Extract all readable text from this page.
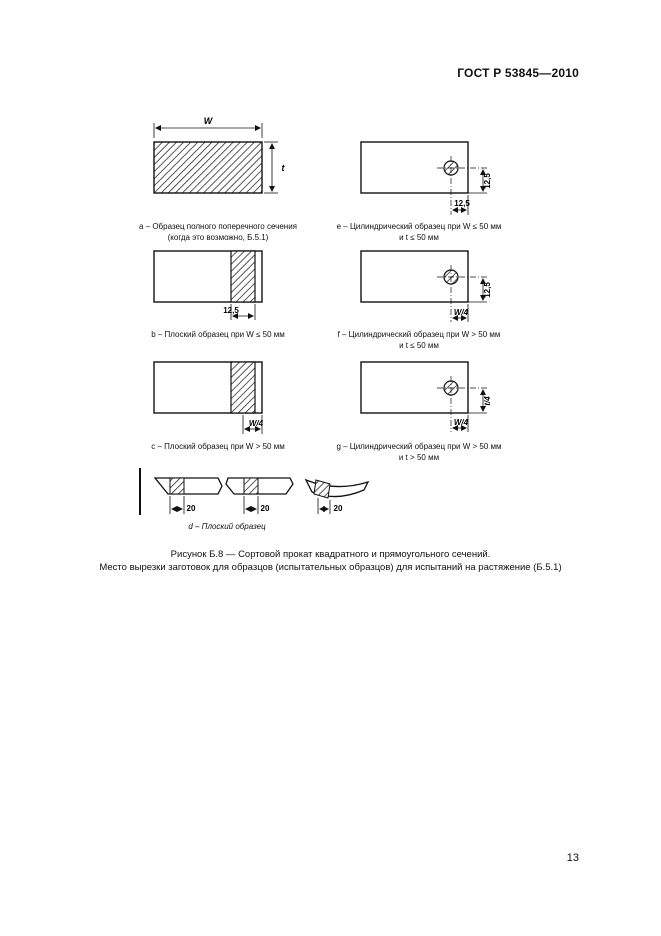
ГОСТ Р 53845—2010
W
t
12,5
12,5
12,5
12,5
W/4
W/4
t/4
W/4
20	20	20
a – Образец полного поперечного сечения
(когда это возможно, Б.5.1)
e – Цилиндрический образец при W ≤ 50 мм
и t ≤ 50 мм
b – Плоский образец при W ≤ 50 мм	f – Цилиндрический образец при W > 50 мм
и t ≤ 50 мм
c – Плоский образец при W > 50 мм	g – Цилиндрический образец при W > 50 мм
и t > 50 мм
d – Плоский образец
Рисунок Б.8 — Сортовой прокат квадратного и прямоугольного сечений.
Место вырезки заготовок для образцов (испытательных образцов) для испытаний на растяжение (Б.5.1)
13
